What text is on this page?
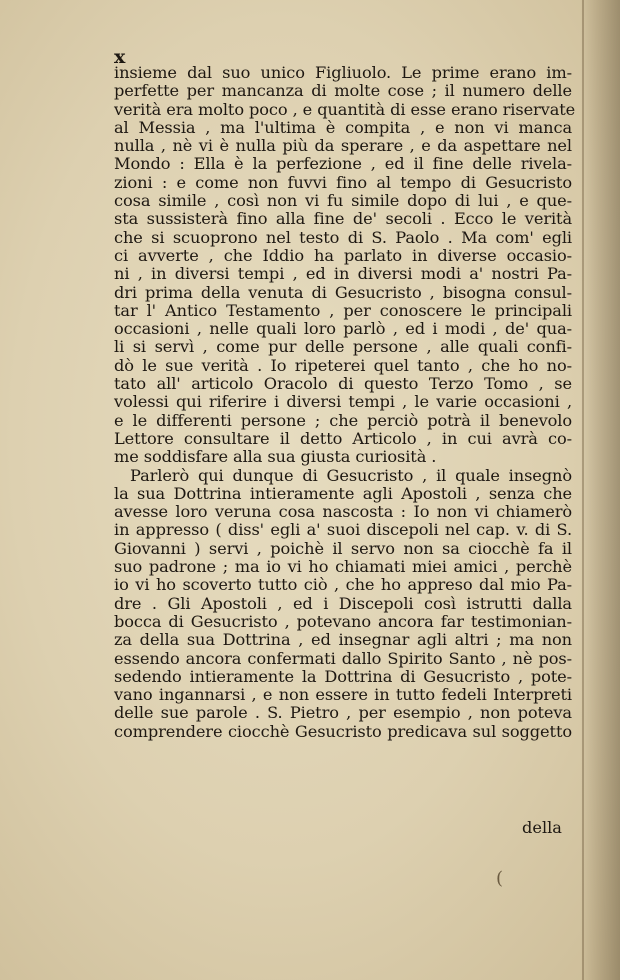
x
insieme dal suo unico Figliuolo. Le prime erano im-
perfette per mancanza di molte cose ; il numero delle
verità era molto poco , e quantità di esse erano riservate
al Messia , ma l'ultima è compita , e non vi manca
nulla , nè vi è nulla più da sperare , e da aspettare nel
Mondo : Ella è la perfezione , ed il fine delle rivela-
zioni : e come non fuvvi fino al tempo di Gesucristo
cosa simile , così non vi fu simile dopo di lui , e que-
sta sussisterà fino alla fine de' secoli . Ecco le verità
che si scuoprono nel testo di S. Paolo . Ma com' egli
ci avverte , che Iddio ha parlato in diverse occasio-
ni , in diversi tempi , ed in diversi modi a' nostri Pa-
dri prima della venuta di Gesucristo , bisogna consul-
tar l' Antico Testamento , per conoscere le principali
occasioni , nelle quali loro parlò , ed i modi , de' qua-
li si servì , come pur delle persone , alle quali confi-
dò le sue verità . Io ripeterei quel tanto , che ho no-
tato all' articolo Oracolo di questo Terzo Tomo , se
volessi qui riferire i diversi tempi , le varie occasioni ,
e le differenti persone ; che perciò potrà il benevolo
Lettore consultare il detto Articolo , in cui avrà co-
me soddisfare alla sua giusta curiosità .
Parlerò qui dunque di Gesucristo , il quale insegnò
la sua Dottrina intieramente agli Apostoli , senza che
avesse loro veruna cosa nascosta : Io non vi chiamerò
in appresso ( diss' egli a' suoi discepoli nel cap. v. di S.
Giovanni ) servi , poichè il servo non sa ciocchè fa il
suo padrone ; ma io vi ho chiamati miei amici , perchè
io vi ho scoverto tutto ciò , che ho appreso dal mio Pa-
dre . Gli Apostoli , ed i Discepoli così istrutti dalla
bocca di Gesucristo , potevano ancora far testimonian-
za della sua Dottrina , ed insegnar agli altri ; ma non
essendo ancora confermati dallo Spirito Santo , nè pos-
sedendo intieramente la Dottrina di Gesucristo , pote-
vano ingannarsi , e non essere in tutto fedeli Interpreti
delle sue parole . S. Pietro , per esempio , non poteva
comprendere ciocchè Gesucristo predicava sul soggetto
della
(
